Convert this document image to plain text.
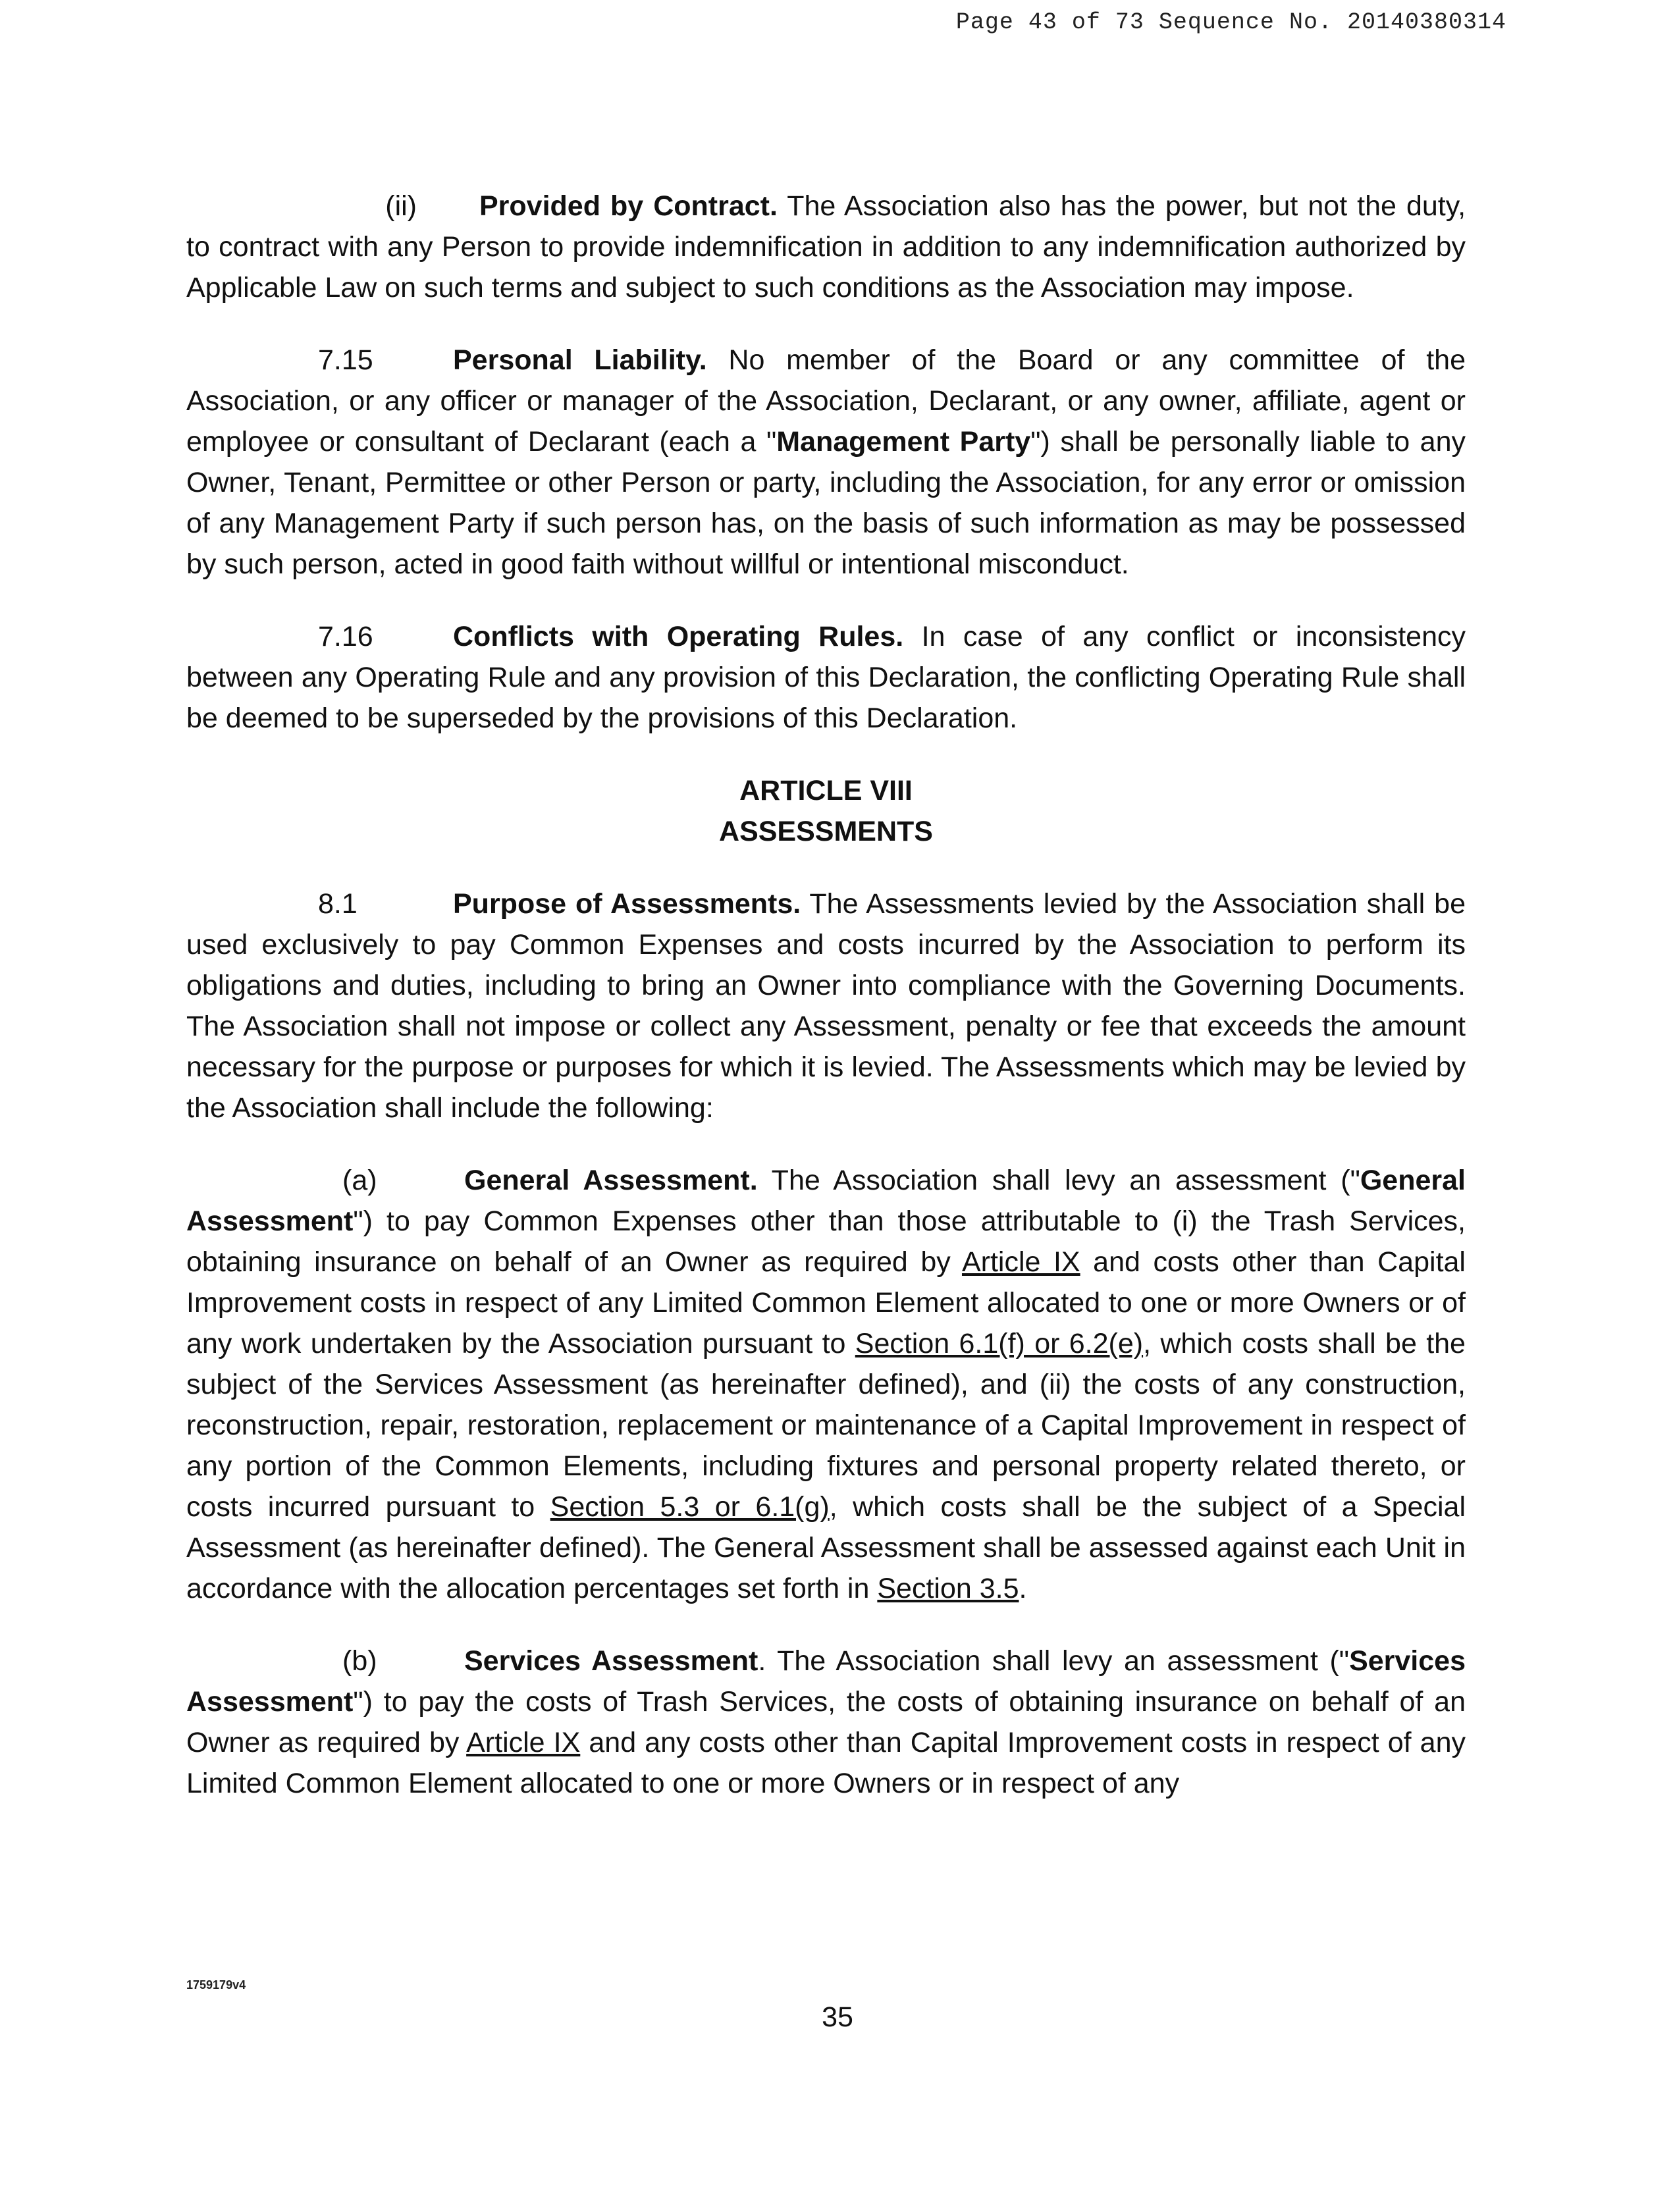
Page 43 of 73 Sequence No. 20140380314

(ii) Provided by Contract. The Association also has the power, but not the duty, to contract with any Person to provide indemnification in addition to any indemnification authorized by Applicable Law on such terms and subject to such conditions as the Association may impose.

7.15	Personal Liability. No member of the Board or any committee of the Association, or any officer or manager of the Association, Declarant, or any owner, affiliate, agent or employee or consultant of Declarant (each a "Management Party") shall be personally liable to any Owner, Tenant, Permittee or other Person or party, including the Association, for any error or omission of any Management Party if such person has, on the basis of such information as may be possessed by such person, acted in good faith without willful or intentional misconduct.

7.16	Conflicts with Operating Rules. In case of any conflict or inconsistency between any Operating Rule and any provision of this Declaration, the conflicting Operating Rule shall be deemed to be superseded by the provisions of this Declaration.

ARTICLE VIII
ASSESSMENTS

8.1	Purpose of Assessments. The Assessments levied by the Association shall be used exclusively to pay Common Expenses and costs incurred by the Association to perform its obligations and duties, including to bring an Owner into compliance with the Governing Documents. The Association shall not impose or collect any Assessment, penalty or fee that exceeds the amount necessary for the purpose or purposes for which it is levied. The Assessments which may be levied by the Association shall include the following:

(a)	General Assessment. The Association shall levy an assessment ("General Assessment") to pay Common Expenses other than those attributable to (i) the Trash Services, obtaining insurance on behalf of an Owner as required by Article IX and costs other than Capital Improvement costs in respect of any Limited Common Element allocated to one or more Owners or of any work undertaken by the Association pursuant to Section 6.1(f) or 6.2(e), which costs shall be the subject of the Services Assessment (as hereinafter defined), and (ii) the costs of any construction, reconstruction, repair, restoration, replacement or maintenance of a Capital Improvement in respect of any portion of the Common Elements, including fixtures and personal property related thereto, or costs incurred pursuant to Section 5.3 or 6.1(g), which costs shall be the subject of a Special Assessment (as hereinafter defined). The General Assessment shall be assessed against each Unit in accordance with the allocation percentages set forth in Section 3.5.

(b)	Services Assessment. The Association shall levy an assessment ("Services Assessment") to pay the costs of Trash Services, the costs of obtaining insurance on behalf of an Owner as required by Article IX and any costs other than Capital Improvement costs in respect of any Limited Common Element allocated to one or more Owners or in respect of any

1759179v4
35
